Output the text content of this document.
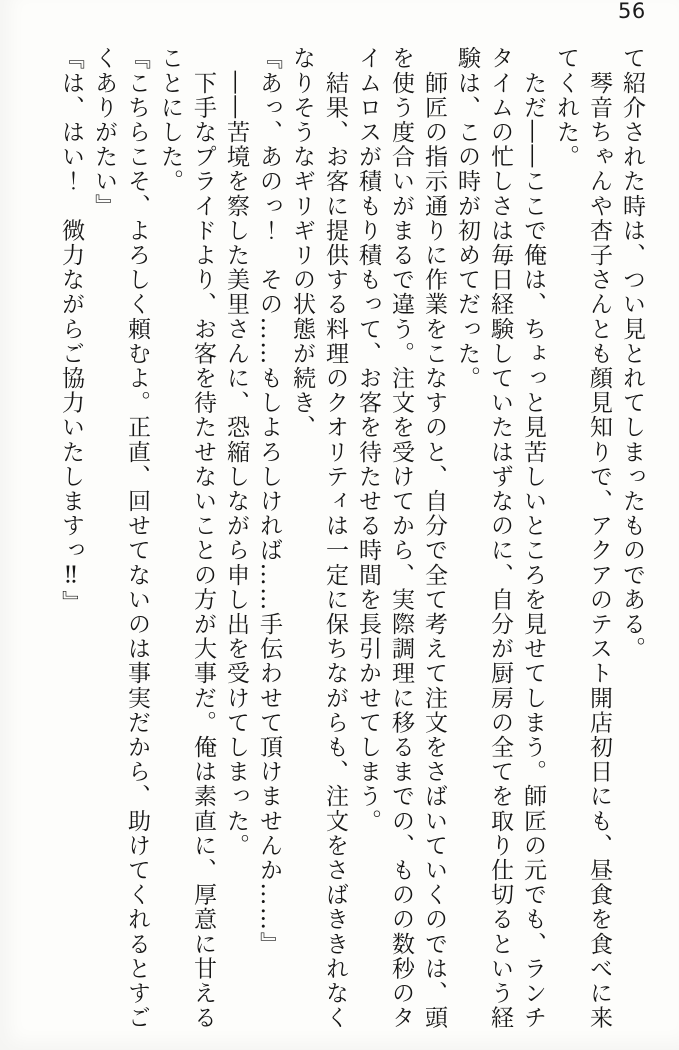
56

て紹介された時は、つい見とれてしまったものである。

　琴音ちゃんや杏子さんとも顔見知りで、アクアのテスト開店初日にも、昼食を食べに来てくれた。

　ただ――ここで俺は、ちょっと見苦しいところを見せてしまう。師匠の元でも、ランチタイムの忙しさは毎日経験していたはずなのに、自分が厨房の全てを取り仕切るという経験は、この時が初めてだった。

　師匠の指示通りに作業をこなすのと、自分で全て考えて注文をさばいていくのでは、頭を使う度合いがまるで違う。注文を受けてから、実際調理に移るまでの、ものの数秒のタイムロスが積もり積もって、お客を待たせる時間を長引かせてしまう。

　結果、お客に提供する料理のクオリティは一定に保ちながらも、注文をさばききれなくなりそうなギリギリの状態が続き、

『あっ、あのっ！　その……もしよろしければ……手伝わせて頂けませんか……』

　――苦境を察した美里さんに、恐縮しながら申し出を受けてしまった。

　下手なプライドより、お客を待たせないことの方が大事だ。俺は素直に、厚意に甘えることにした。

『こちらこそ、よろしく頼むよ。正直、回せてないのは事実だから、助けてくれるとすごくありがたい』

『は、はい！　微力ながらご協力いたしますっ‼』
